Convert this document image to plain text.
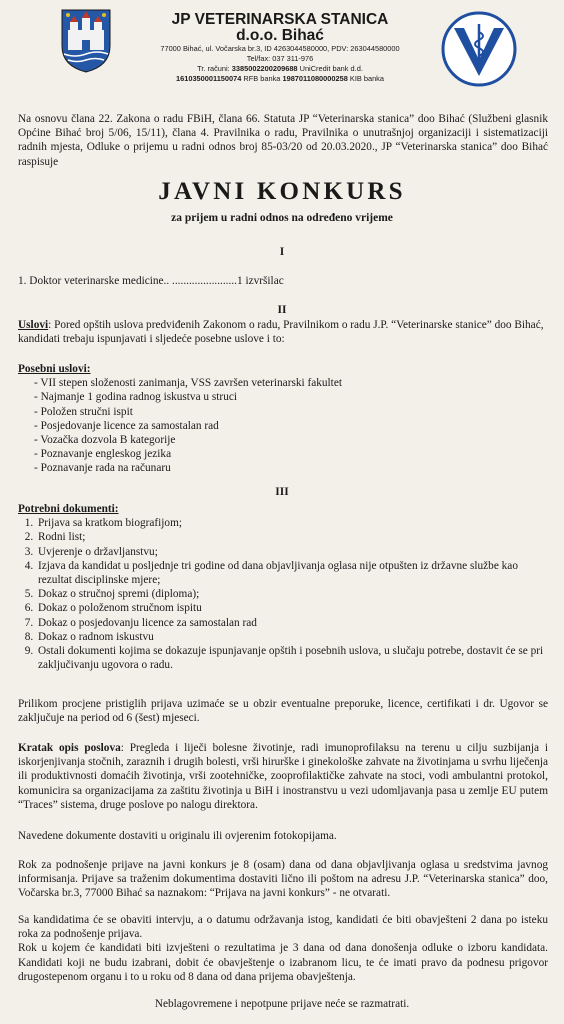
JP VETERINARSKA STANICA
d.o.o. Bihać
77000 Bihać, ul. Vočarska br.3, ID 4263044580000, PDV: 263044580000
Tel/fax: 037 311-976
Tr. računi: 3385002200209688 UniCredit bank d.d.
1610350001150074 RFB banka 1987011080000258 KIB banka
Na osnovu člana 22. Zakona o radu FBiH, člana 66. Statuta JP “Veterinarska stanica” doo Bihać (Službeni glasnik Općine Bihać broj 5/06, 15/11), člana 4. Pravilnika o radu, Pravilnika o unutrašnjoj organizaciji i sistematizaciji radnih mjesta, Odluke o prijemu u radni odnos broj 85-03/20 od 20.03.2020., JP “Veterinarska stanica” doo Bihać raspisuje
JAVNI KONKURS
za prijem u radni odnos na određeno vrijeme
I
1. Doktor veterinarske medicine.. .......................1 izvršilac
II
Uslovi: Pored opštih uslova predviđenih Zakonom o radu, Pravilnikom o radu J.P. “Veterinarske stanice” doo Bihać, kandidati trebaju ispunjavati i sljedeće posebne uslove i to:
Posebni uslovi:
- VII stepen složenosti zanimanja, VSS završen veterinarski fakultet
- Najmanje 1 godina radnog iskustva u struci
- Položen stručni ispit
- Posjedovanje licence za samostalan rad
- Vozačka dozvola B kategorije
- Poznavanje engleskog jezika
- Poznavanje rada na računaru
III
Potrebni dokumenti:
1. Prijava sa kratkom biografijom;
2. Rodni list;
3. Uvjerenje o državljanstvu;
4. Izjava da kandidat u posljednje tri godine od dana objavljivanja oglasa nije otpušten iz državne službe kao rezultat disciplinske mjere;
5. Dokaz o stručnoj spremi (diploma);
6. Dokaz o položenom stručnom ispitu
7. Dokaz o posjedovanju licence za samostalan rad
8. Dokaz o radnom iskustvu
9. Ostali dokumenti kojima se dokazuje ispunjavanje opštih i posebnih uslova, u slučaju potrebe, dostavit će se pri zaključivanju ugovora o radu.
Prilikom procjene pristiglih prijava uzimaće se u obzir eventualne preporuke, licence, certifikati i dr. Ugovor se zaključuje na period od 6 (šest) mjeseci.
Kratak opis poslova: Pregleda i liječi bolesne životinje, radi imunoprofilaksu na terenu u cilju suzbijanja i iskorjenjivanja stočnih, zaraznih i drugih bolesti, vrši hirurške i ginekološke zahvate na životinjama u svrhu liječenja ili produktivnosti domaćih životinja, vrši zootehničke, zooprofilaktičke zahvate na stoci, vodi ambulantni protokol, komunicira sa organizacijama za zaštitu životinja u BiH i inostranstvu u vezi udomljavanja pasa u zemlje EU putem “Traces” sistema, druge poslove po nalogu direktora.
Navedene dokumente dostaviti u originalu ili ovjerenim fotokopijama.
Rok za podnošenje prijave na javni konkurs je 8 (osam) dana od dana objavljivanja oglasa u sredstvima javnog informisanja. Prijave sa traženim dokumentima dostaviti lično ili poštom na adresu J.P. “Veterinarska stanica” doo, Vočarska br.3, 77000 Bihać sa naznakom: “Prijava na javni konkurs” - ne otvarati.
Sa kandidatima će se obaviti intervju, a o datumu održavanja istog, kandidati će biti obavješteni 2 dana po isteku roka za podnošenje prijava.
Rok u kojem će kandidati biti izvješteni o rezultatima je 3 dana od dana donošenja odluke o izboru kandidata. Kandidati koji ne budu izabrani, dobit će obavještenje o izabranom licu, te će imati pravo da podnesu prigovor drugostepenom organu i to u roku od 8 dana od dana prijema obavještenja.
Neblagovremene i nepotpune prijave neće se razmatrati.
